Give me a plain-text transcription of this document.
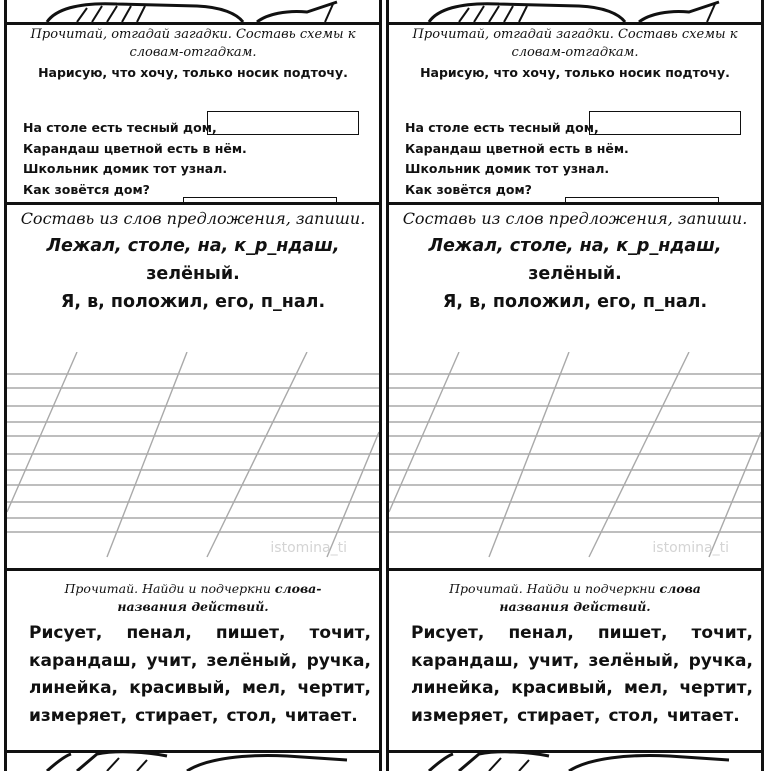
Прочитай, отгадай загадки. Составь схемы к словам-отгадкам.

Нарисую, что хочу, только носик подточу.
На столе есть тесный дом,
Карандаш цветной есть в нём.
Школьник домик тот узнал.
Как зовётся дом?

Составь из слов предложения, запиши.

Лежал, столе, на, к_р_ндаш,
зелёный.
Я, в, положил, его, п_нал.
istomina_ti

Прочитай. Найди и подчеркни слова-
названия действий.

Рисует, пенал, пишет, точит,
карандаш, учит, зелёный, ручка,
линейка, красивый, мел, чертит,
измеряет, стирает, стол, читает.

Прочитай, отгадай загадки. Составь схемы к словам-отгадкам.

Нарисую, что хочу, только носик подточу.
На столе есть тесный дом,
Карандаш цветной есть в нём.
Школьник домик тот узнал.
Как зовётся дом?

Составь из слов предложения, запиши.

Лежал, столе, на, к_р_ндаш,
зелёный.
Я, в, положил, его, п_нал.
istomina_ti

Прочитай. Найди и подчеркни слова
названия действий.

Рисует, пенал, пишет, точит,
карандаш, учит, зелёный, ручка,
линейка, красивый, мел, чертит,
измеряет, стирает, стол, читает.
